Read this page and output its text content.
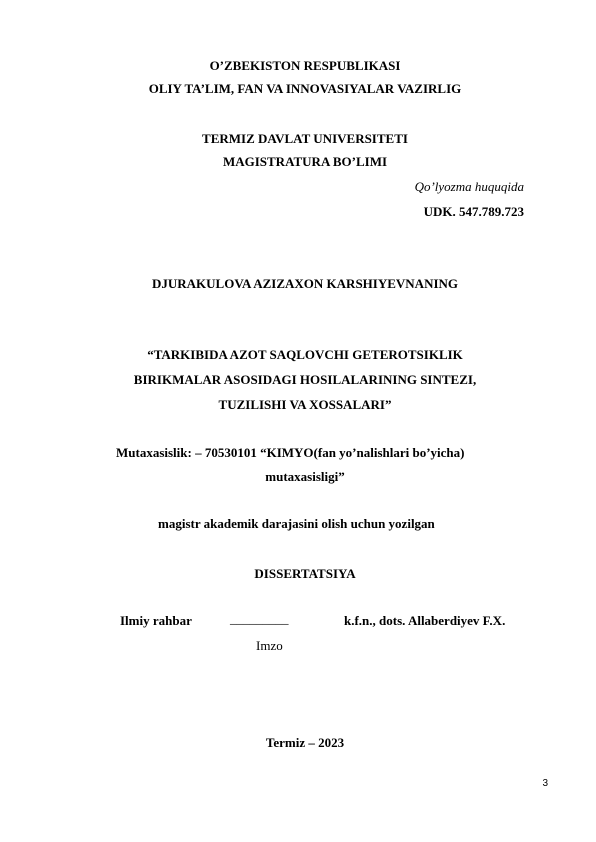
O’ZBEKISTON RESPUBLIKASI
OLIY TA’LIM, FAN VA INNOVASIYALAR VAZIRLIG
TERMIZ DAVLAT UNIVERSITETI
MAGISTRATURA BO’LIMI
Qo’lyozma huquqida
UDK. 547.789.723
DJURAKULOVA AZIZAXON KARSHIYEVNANING
“TARKIBIDA AZOT SAQLOVCHI GETEROTSIKLIK
BIRIKMALAR ASOSIDAGI HOSILALARINING SINTEZI,
TUZILISHI VA XOSSALARI”
Mutaxasislik: – 70530101 “KIMYO(fan yo’nalishlari bo’yicha)
mutaxasisligi”
magistr akademik darajasini olish uchun yozilgan
DISSERTATSIYA
Ilmiy rahbar	_________	k.f.n., dots. Allaberdiyev F.X.
Imzo
Termiz – 2023
3
